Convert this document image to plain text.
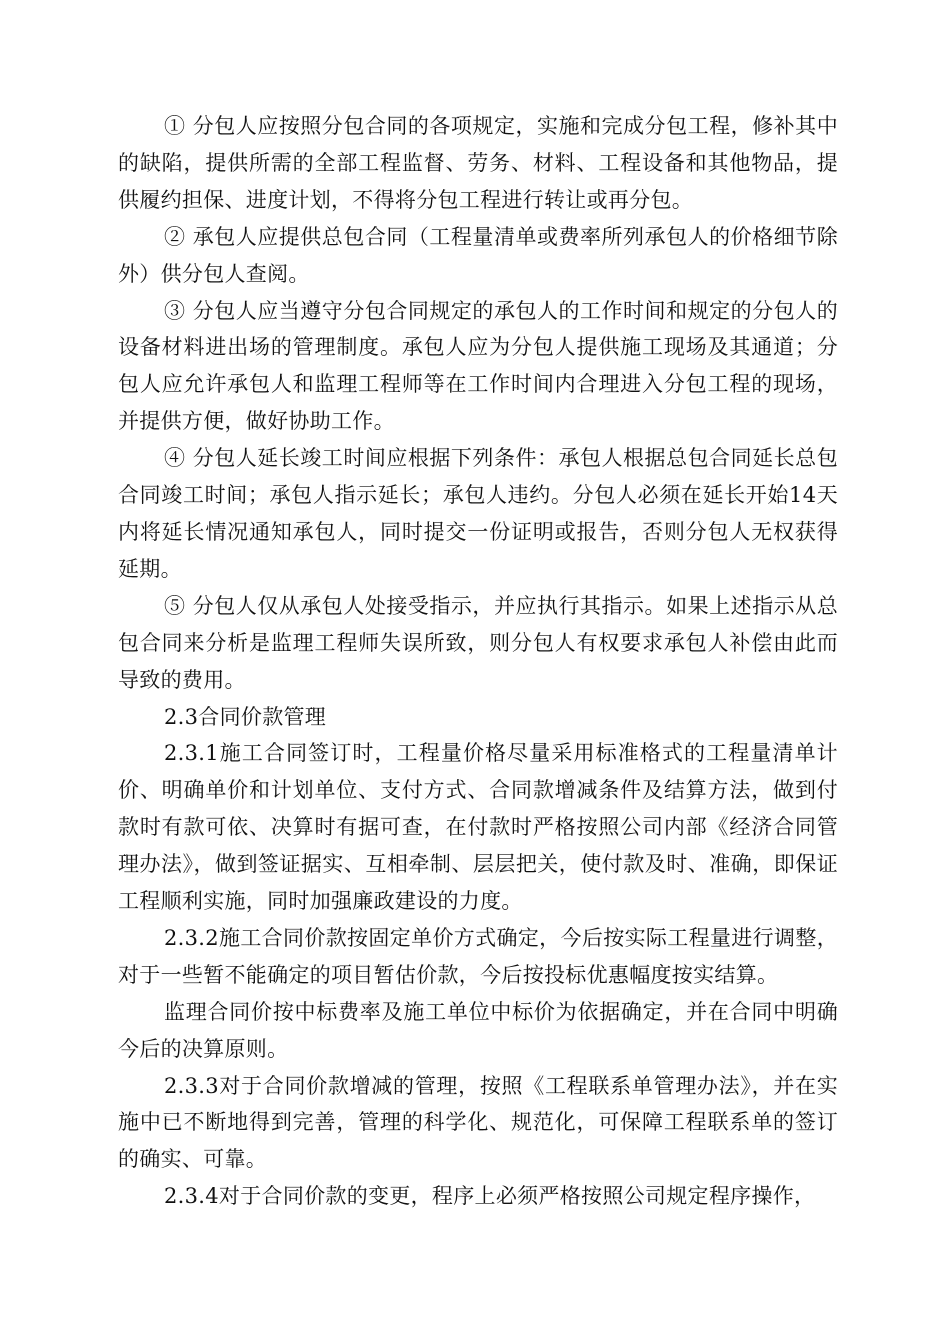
① 分包人应按照分包合同的各项规定，实施和完成分包工程，修补其中的缺陷，提供所需的全部工程监督、劳务、材料、工程设备和其他物品，提供履约担保、进度计划，不得将分包工程进行转让或再分包。

② 承包人应提供总包合同（工程量清单或费率所列承包人的价格细节除外）供分包人查阅。

③ 分包人应当遵守分包合同规定的承包人的工作时间和规定的分包人的设备材料进出场的管理制度。承包人应为分包人提供施工现场及其通道；分包人应允许承包人和监理工程师等在工作时间内合理进入分包工程的现场，并提供方便，做好协助工作。

④ 分包人延长竣工时间应根据下列条件：承包人根据总包合同延长总包合同竣工时间；承包人指示延长；承包人违约。分包人必须在延长开始14天内将延长情况通知承包人，同时提交一份证明或报告，否则分包人无权获得延期。

⑤ 分包人仅从承包人处接受指示，并应执行其指示。如果上述指示从总包合同来分析是监理工程师失误所致，则分包人有权要求承包人补偿由此而导致的费用。

2.3合同价款管理

2.3.1施工合同签订时，工程量价格尽量采用标准格式的工程量清单计价、明确单价和计划单位、支付方式、合同款增减条件及结算方法，做到付款时有款可依、决算时有据可查，在付款时严格按照公司内部《经济合同管理办法》，做到签证据实、互相牵制、层层把关，使付款及时、准确，即保证工程顺利实施，同时加强廉政建设的力度。

2.3.2施工合同价款按固定单价方式确定，今后按实际工程量进行调整，对于一些暂不能确定的项目暂估价款，今后按投标优惠幅度按实结算。

监理合同价按中标费率及施工单位中标价为依据确定，并在合同中明确今后的决算原则。

2.3.3对于合同价款增减的管理，按照《工程联系单管理办法》，并在实施中已不断地得到完善，管理的科学化、规范化，可保障工程联系单的签订的确实、可靠。

2.3.4对于合同价款的变更，程序上必须严格按照公司规定程序操作，
